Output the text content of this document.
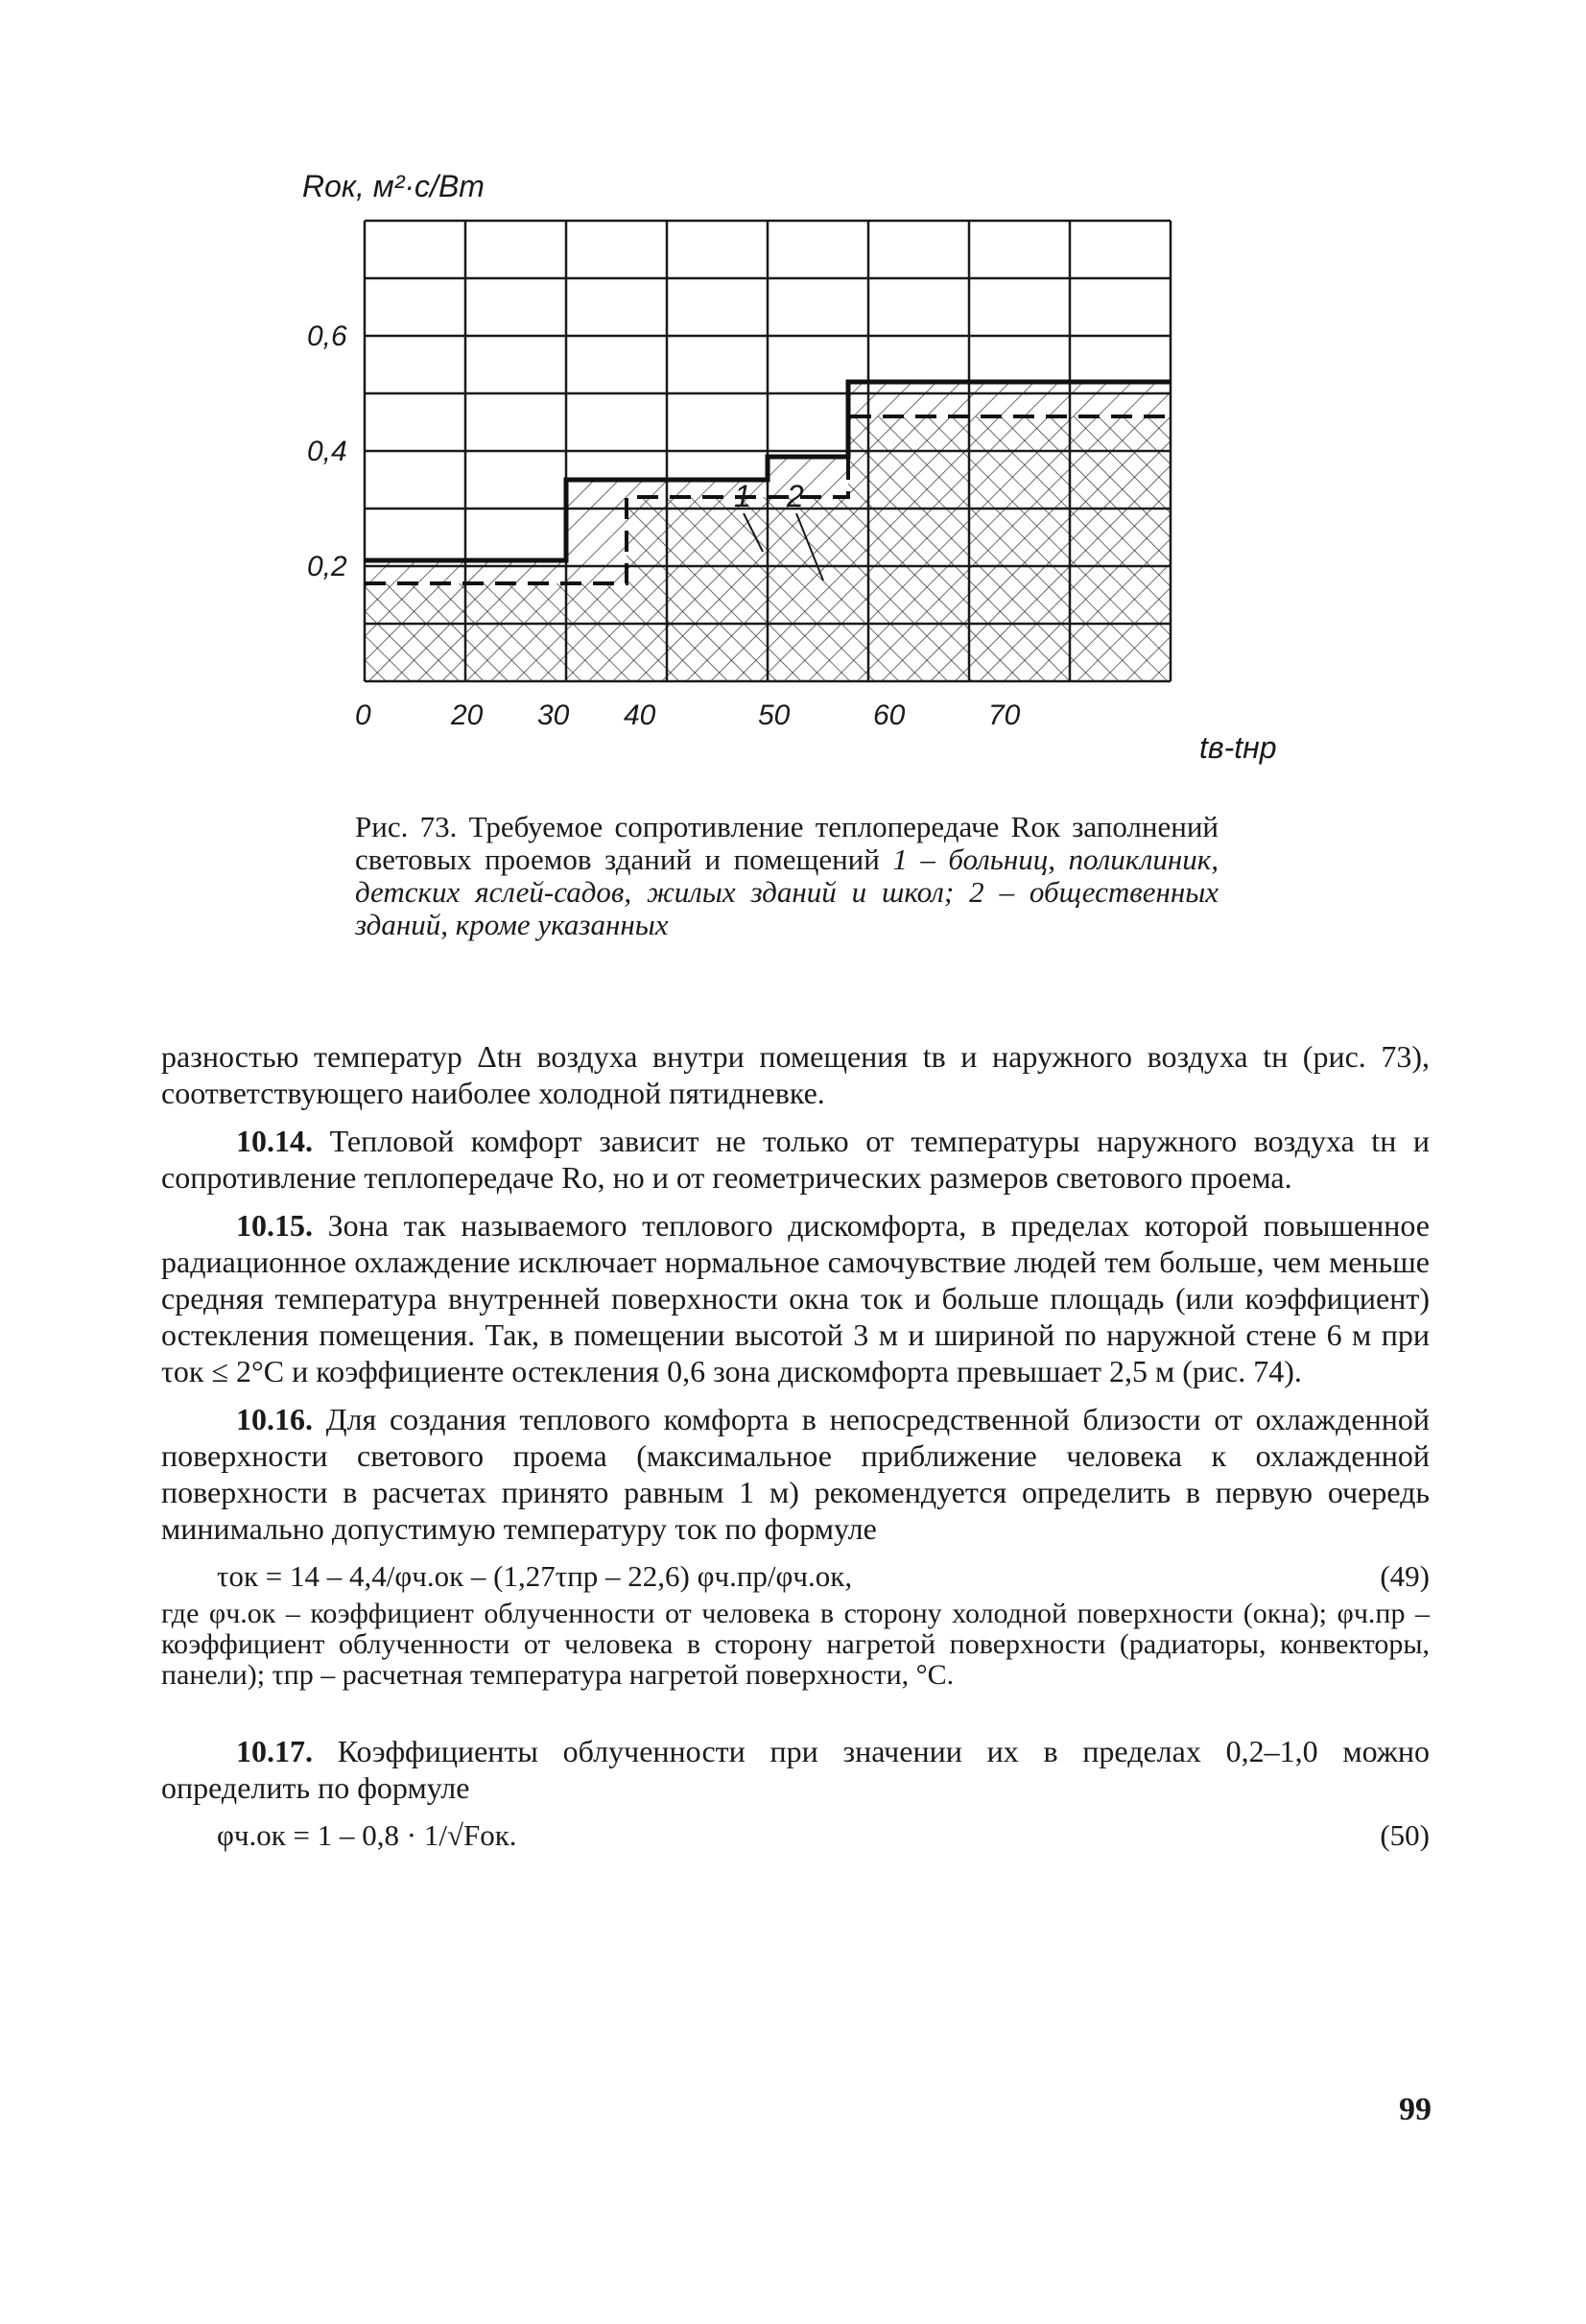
0	20 30 40	50	60	70
0,2
0,4
0,6
Rок, м²·с/Вт
tв-tнр
1 2
Рис. 73. Требуемое сопротивление теплопередаче Rок заполнений световых проемов зданий и помещений 1 – больниц, поликлиник, детских яслей-садов, жилых зданий и школ; 2 – общественных зданий, кроме указанных

разностью температур Δtн воздуха внутри помещения tв и наружного воздуха tн (рис. 73), соответствующего наиболее холодной пятидневке.

10.14. Тепловой комфорт зависит не только от температуры наружного воздуха tн и сопротивление теплопередаче Rо, но и от геометрических размеров светового проема.

10.15. Зона так называемого теплового дискомфорта, в пределах которой повышенное радиационное охлаждение исключает нормальное самочувствие людей тем больше, чем меньше средняя температура внутренней поверхности окна τок и больше площадь (или коэффициент) остекления помещения. Так, в помещении высотой 3 м и шириной по наружной стене 6 м при τок ≤ 2°С и коэффициенте остекления 0,6 зона дискомфорта превышает 2,5 м (рис. 74).

10.16. Для создания теплового комфорта в непосредственной близости от охлажденной поверхности светового проема (максимальное приближение человека к охлажденной поверхности в расчетах принято равным 1 м) рекомендуется определить в первую очередь минимально допустимую температуру τок по формуле

τок = 14 – 4,4/φч.ок – (1,27τпр – 22,6) φч.пр/φч.ок,	(49)
где φч.ок – коэффициент облученности от человека в сторону холодной поверхности (окна); φч.пр – коэффициент облученности от человека в сторону нагретой поверхности (радиаторы, конвекторы, панели); τпр – расчетная температура нагретой поверхности, °С.

10.17. Коэффициенты облученности при значении их в пределах 0,2–1,0 можно определить по формуле

φч.ок = 1 – 0,8 · 1/√Fок.	(50)
99
